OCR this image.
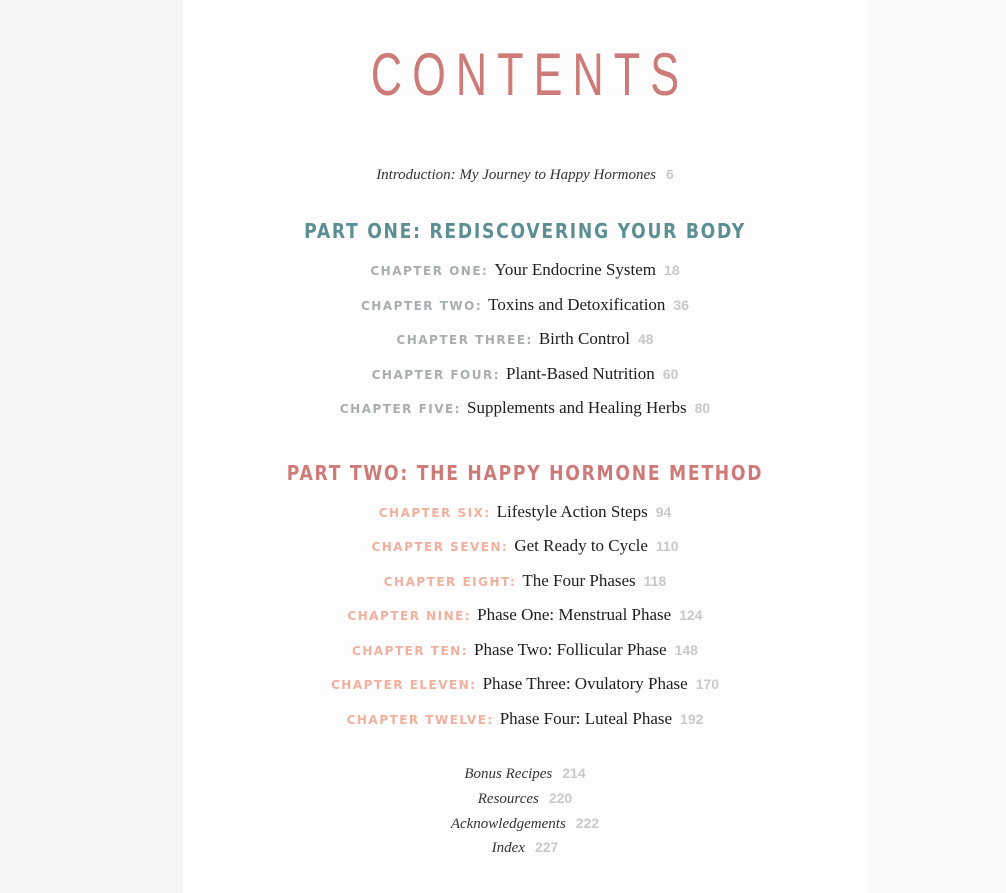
CONTENTS
Introduction: My Journey to Happy Hormones 6
PART ONE: REDISCOVERING YOUR BODY
PART TWO: THE HAPPY HORMONE METHOD
CHAPTER ONE: Your Endocrine System 18
CHAPTER TWO: Toxins and Detoxification 36
CHAPTER THREE: Birth Control 48
CHAPTER FOUR: Plant-Based Nutrition 60
CHAPTER FIVE: Supplements and Healing Herbs 80
CHAPTER SIX: Lifestyle Action Steps 94
CHAPTER SEVEN: Get Ready to Cycle 110
CHAPTER EIGHT: The Four Phases 118
CHAPTER NINE: Phase One: Menstrual Phase 124
CHAPTER TEN: Phase Two: Follicular Phase 148
CHAPTER ELEVEN: Phase Three: Ovulatory Phase 170
CHAPTER TWELVE: Phase Four: Luteal Phase 192
Bonus Recipes 214
Resources 220
Acknowledgements 222
Index 227
